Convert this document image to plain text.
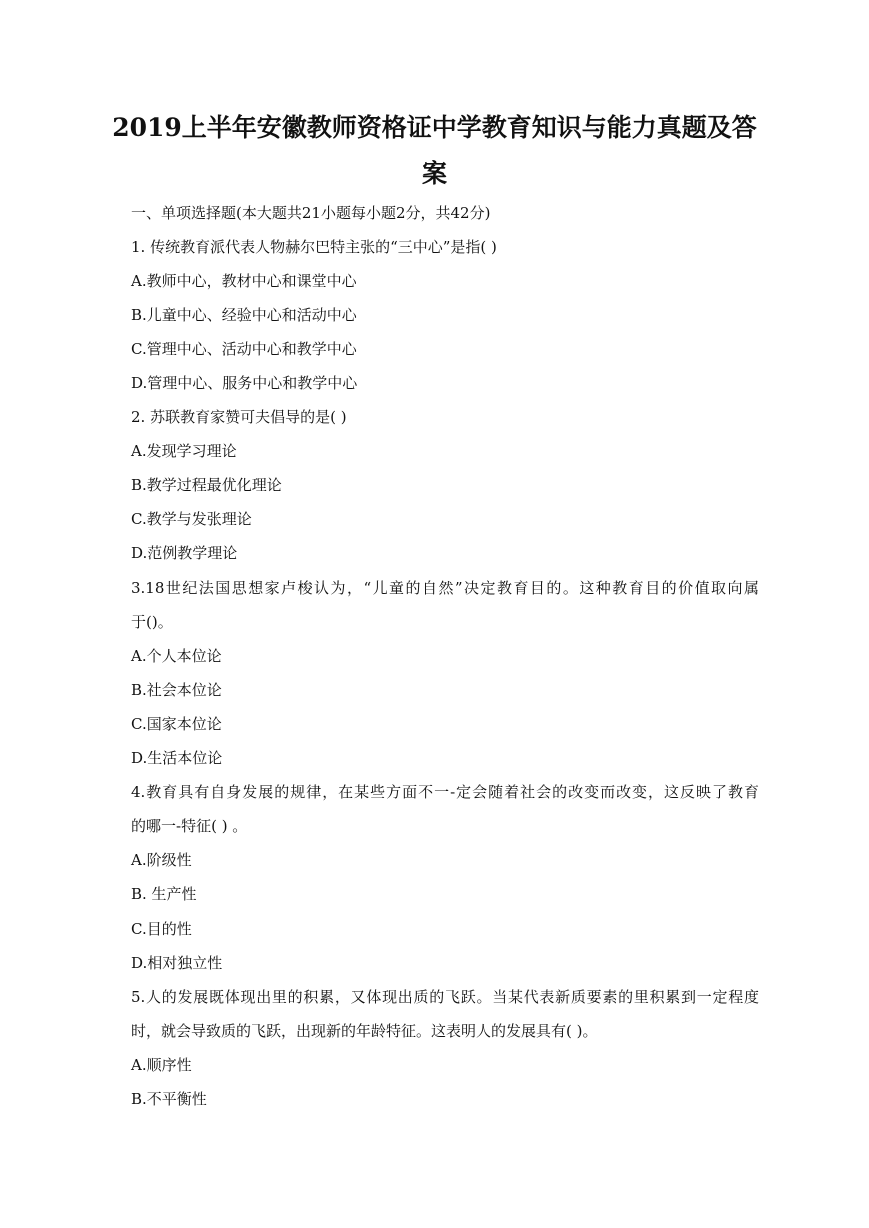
2019上半年安徽教师资格证中学教育知识与能力真题及答
案
一、单项选择题(本大题共21小题每小题2分，共42分)
1. 传统教育派代表人物赫尔巴特主张的“三中心”是指( )
A.教师中心，教材中心和课堂中心
B.儿童中心、经验中心和活动中心
C.管理中心、活动中心和教学中心
D.管理中心、服务中心和教学中心
2. 苏联教育家赞可夫倡导的是( )
A.发现学习理论
B.教学过程最优化理论
C.教学与发张理论
D.范例教学理论
3.18世纪法国思想家卢梭认为，“儿童的自然”决定教育目的。这种教育目的价值取向属
于()。
A.个人本位论
B.社会本位论
C.国家本位论
D.生活本位论
4.教育具有自身发展的规律，在某些方面不一-定会随着社会的改变而改变，这反映了教育
的哪一-特征( ) 。
A.阶级性
B. 生产性
C.目的性
D.相对独立性
5.人的发展既体现出里的积累，又体现出质的飞跃。当某代表新质要素的里积累到一定程度
时，就会导致质的飞跃，出现新的年龄特征。这表明人的发展具有( )。
A.顺序性
B.不平衡性
